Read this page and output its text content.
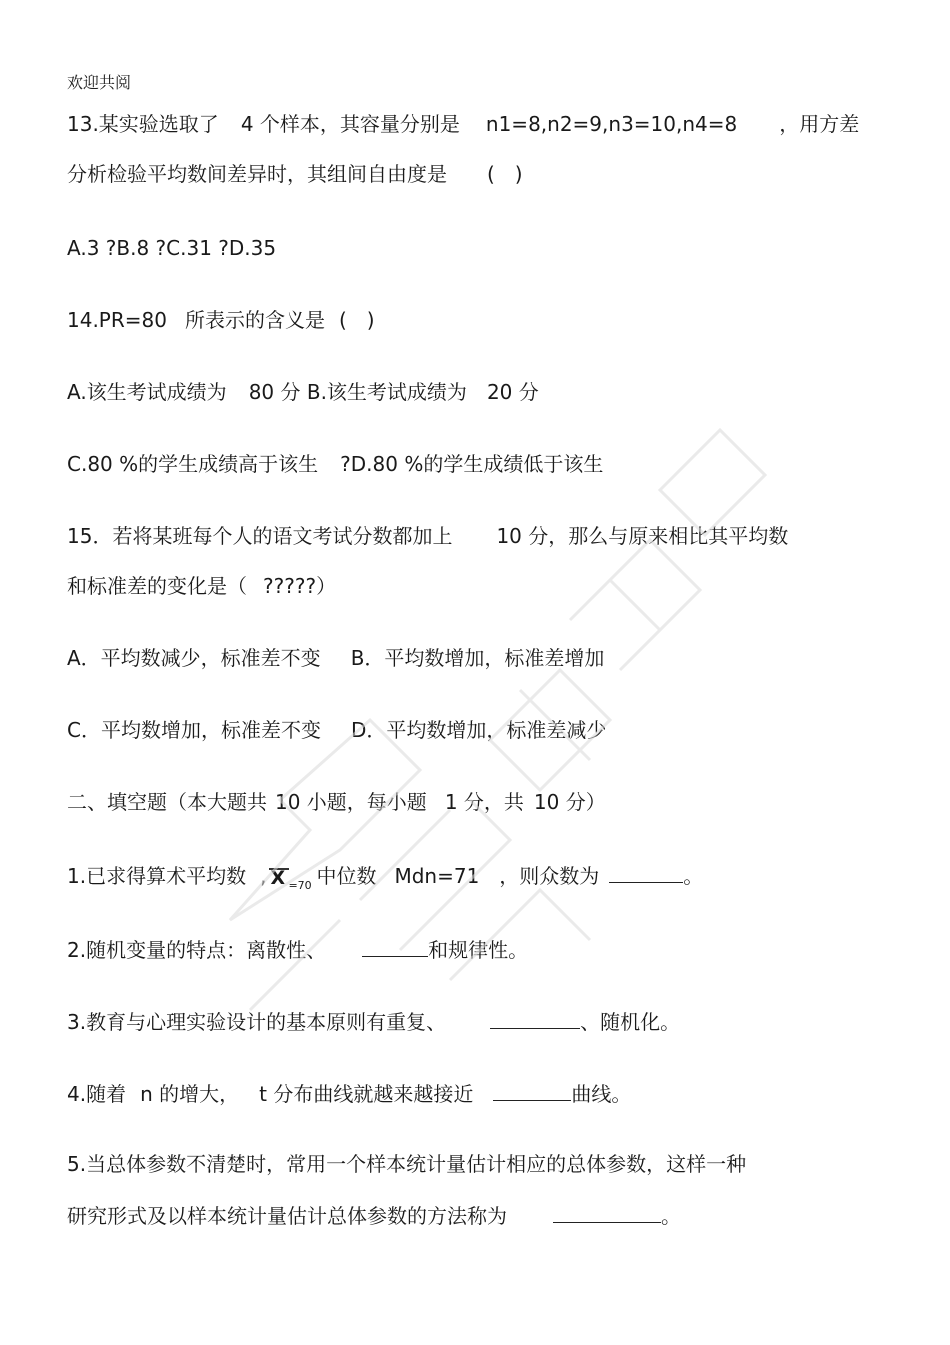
欢迎共阅
13.某实验选取了 4 个样本，其容量分别是 n1=8,n2=9,n3=10,n4=8 ，用方差
分析检验平均数间差异时，其组间自由度是 (　)
A.3 ?B.8 ?C.31 ?D.35
14.PR=80 所表示的含义是 (　)
A.该生考试成绩为 80 分 B.该生考试成绩为 20 分
C.80 %的学生成绩高于该生 ?D.80 %的学生成绩低于该生
15．若将某班每个人的语文考试分数都加上 10 分，那么与原来相比其平均数
和标准差的变化是（ ?????）
A．平均数减少，标准差不变 B．平均数增加，标准差增加
C．平均数增加，标准差不变 D．平均数增加，标准差减少
二、填空题（本大题共 10 小题，每小题 1 分，共 10 分）
1.已求得算术平均数 , X =70 中位数 Mdn=71 ，则众数为	。
2.随机变量的特点：离散性、	和规律性。
3.教育与心理实验设计的基本原则有重复、	、随机化。
4.随着 n 的增大， t 分布曲线就越来越接近	曲线。
5.当总体参数不清楚时，常用一个样本统计量估计相应的总体参数，这样一种
研究形式及以样本统计量估计总体参数的方法称为	。
